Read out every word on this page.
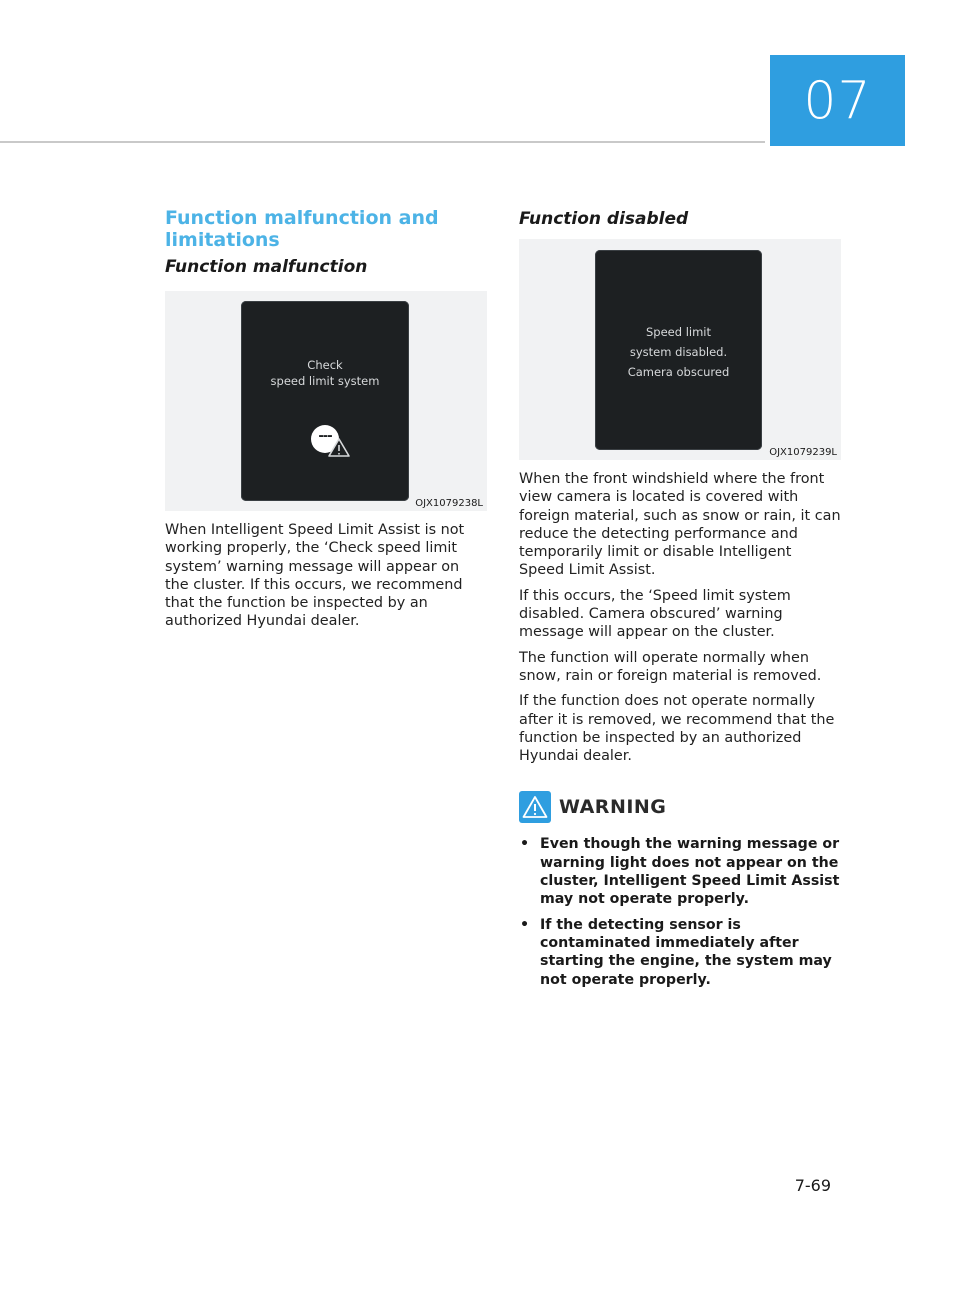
07
Function malfunction and limitations
Function malfunction
Check
speed limit system
---
OJX1079238L

When Intelligent Speed Limit Assist is not working properly, the ‘Check speed limit system’ warning message will appear on the cluster. If this occurs, we recommend that the function be inspected by an authorized Hyundai dealer.

Function disabled
Speed limit
system disabled.
Camera obscured
OJX1079239L

When the front windshield where the front view camera is located is covered with foreign material, such as snow or rain, it can reduce the detecting performance and temporarily limit or disable Intelligent Speed Limit Assist.

If this occurs, the ‘Speed limit system disabled. Camera obscured’ warning message will appear on the cluster.

The function will operate normally when snow, rain or foreign material is removed.

If the function does not operate normally after it is removed, we recommend that the function be inspected by an authorized Hyundai dealer.

WARNING
• Even though the warning message or warning light does not appear on the cluster, Intelligent Speed Limit Assist may not operate properly.
• If the detecting sensor is contaminated immediately after starting the engine, the system may not operate properly.
7-69
